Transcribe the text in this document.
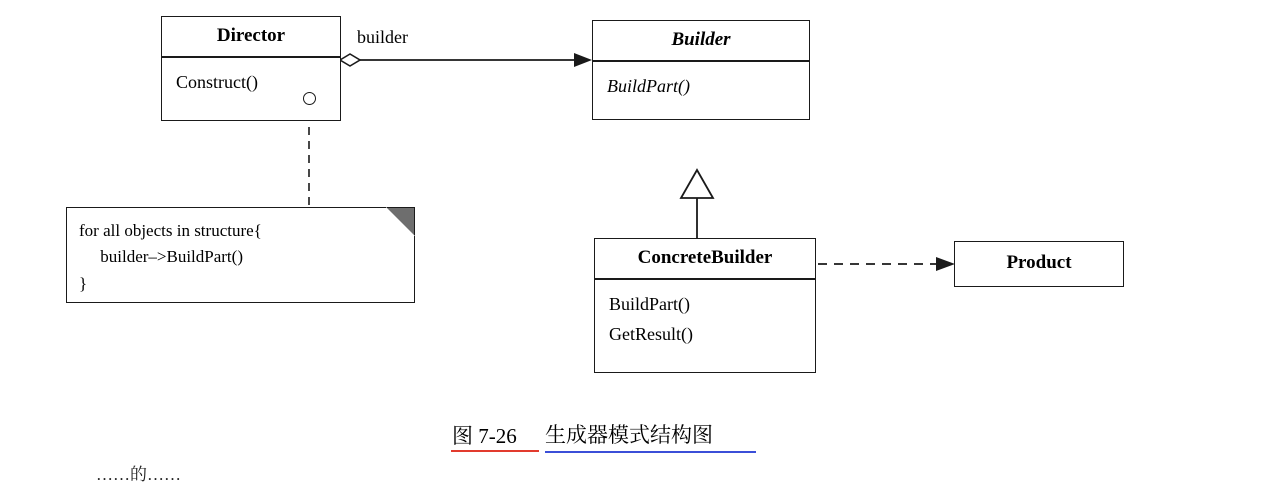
Director
Construct()
Builder
BuildPart()
ConcreteBuilder
BuildPart()
GetResult()
Product
for all objects in structure{
builder–>BuildPart()
}
builder
图 7-26 生成器模式结构图
……的……
